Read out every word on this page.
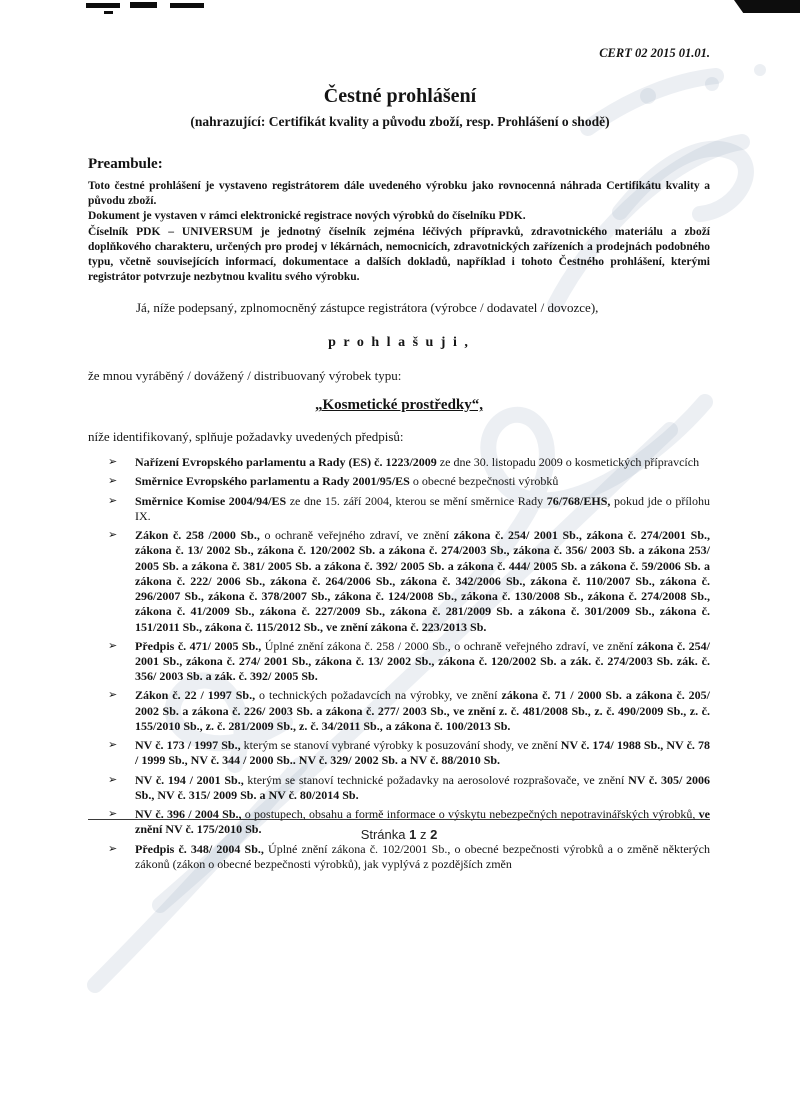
CERT 02 2015 01.01.
Čestné prohlášení
(nahrazující: Certifikát kvality a původu zboží, resp. Prohlášení o shodě)
Preambule:

Toto čestné prohlášení je vystaveno registrátorem dále uvedeného výrobku jako rovnocenná náhrada Certifikátu kvality a původu zboží.

Dokument je vystaven v rámci elektronické registrace nových výrobků do číselníku PDK.

Číselník PDK – UNIVERSUM je jednotný číselník zejména léčivých přípravků, zdravotnického materiálu a zboží doplňkového charakteru, určených pro prodej v lékárnách, nemocnicích, zdravotnických zařízeních a prodejnách podobného typu, včetně souvisejících informací, dokumentace a dalších dokladů, například i tohoto Čestného prohlášení, kterými registrátor potvrzuje nezbytnou kvalitu svého výrobku.

Já, níže podepsaný, zplnomocněný zástupce registrátora (výrobce / dodavatel / dovozce),
p r o h l a š u j i ,
že mnou vyráběný / dovážený / distribuovaný výrobek typu:
„Kosmetické prostředky“,
níže identifikovaný, splňuje požadavky uvedených předpisů:
➢ Nařízení Evropského parlamentu a Rady (ES) č. 1223/2009 ze dne 30. listopadu 2009 o kosmetických přípravcích
➢ Směrnice Evropského parlamentu a Rady 2001/95/ES o obecné bezpečnosti výrobků
➢ Směrnice Komise 2004/94/ES ze dne 15. září 2004, kterou se mění směrnice Rady 76/768/EHS, pokud jde o přílohu IX.
➢ Zákon č. 258 /2000 Sb., o ochraně veřejného zdraví, ve znění zákona č. 254/ 2001 Sb., zákona č. 274/2001 Sb., zákona č. 13/ 2002 Sb., zákona č. 120/2002 Sb. a zákona č. 274/2003 Sb., zákona č. 356/ 2003 Sb. a zákona 253/ 2005 Sb. a zákona č. 381/ 2005 Sb. a zákona č. 392/ 2005 Sb. a zákona č. 444/ 2005 Sb. a zákona č. 59/2006 Sb. a zákona č. 222/ 2006 Sb., zákona č. 264/2006 Sb., zákona č. 342/2006 Sb., zákona č. 110/2007 Sb., zákona č. 296/2007 Sb., zákona č. 378/2007 Sb., zákona č. 124/2008 Sb., zákona č. 130/2008 Sb., zákona č. 274/2008 Sb., zákona č. 41/2009 Sb., zákona č. 227/2009 Sb., zákona č. 281/2009 Sb. a zákona č. 301/2009 Sb., zákona č. 151/2011 Sb., zákona č. 115/2012 Sb., ve znění zákona č. 223/2013 Sb.
➢ Předpis č. 471/ 2005 Sb., Úplné znění zákona č. 258 / 2000 Sb., o ochraně veřejného zdraví, ve znění zákona č. 254/ 2001 Sb., zákona č. 274/ 2001 Sb., zákona č. 13/ 2002 Sb., zákona č. 120/2002 Sb. a zák. č. 274/2003 Sb. zák. č. 356/ 2003 Sb. a zák. č. 392/ 2005 Sb.
➢ Zákon č. 22 / 1997 Sb., o technických požadavcích na výrobky, ve znění zákona č. 71 / 2000 Sb. a zákona č. 205/ 2002 Sb. a zákona č. 226/ 2003 Sb. a zákona č. 277/ 2003 Sb., ve znění z. č. 481/2008 Sb., z. č. 490/2009 Sb., z. č. 155/2010 Sb., z. č. 281/2009 Sb., z. č. 34/2011 Sb., a zákona č. 100/2013 Sb.
➢ NV č. 173 / 1997 Sb., kterým se stanoví vybrané výrobky k posuzování shody, ve znění NV č. 174/ 1988 Sb., NV č. 78 / 1999 Sb., NV č. 344 / 2000 Sb.. NV č. 329/ 2002 Sb. a NV č. 88/2010 Sb.
➢ NV č. 194 / 2001 Sb., kterým se stanoví technické požadavky na aerosolové rozprašovače, ve znění NV č. 305/ 2006 Sb., NV č. 315/ 2009 Sb. a NV č. 80/2014 Sb.
➢ NV č. 396 / 2004 Sb., o postupech, obsahu a formě informace o výskytu nebezpečných nepotravinářských výrobků, ve znění NV č. 175/2010 Sb.
➢ Předpis č. 348/ 2004 Sb., Úplné znění zákona č. 102/2001 Sb., o obecné bezpečnosti výrobků a o změně některých zákonů (zákon o obecné bezpečnosti výrobků), jak vyplývá z pozdějších změn
Stránka 1 z 2
